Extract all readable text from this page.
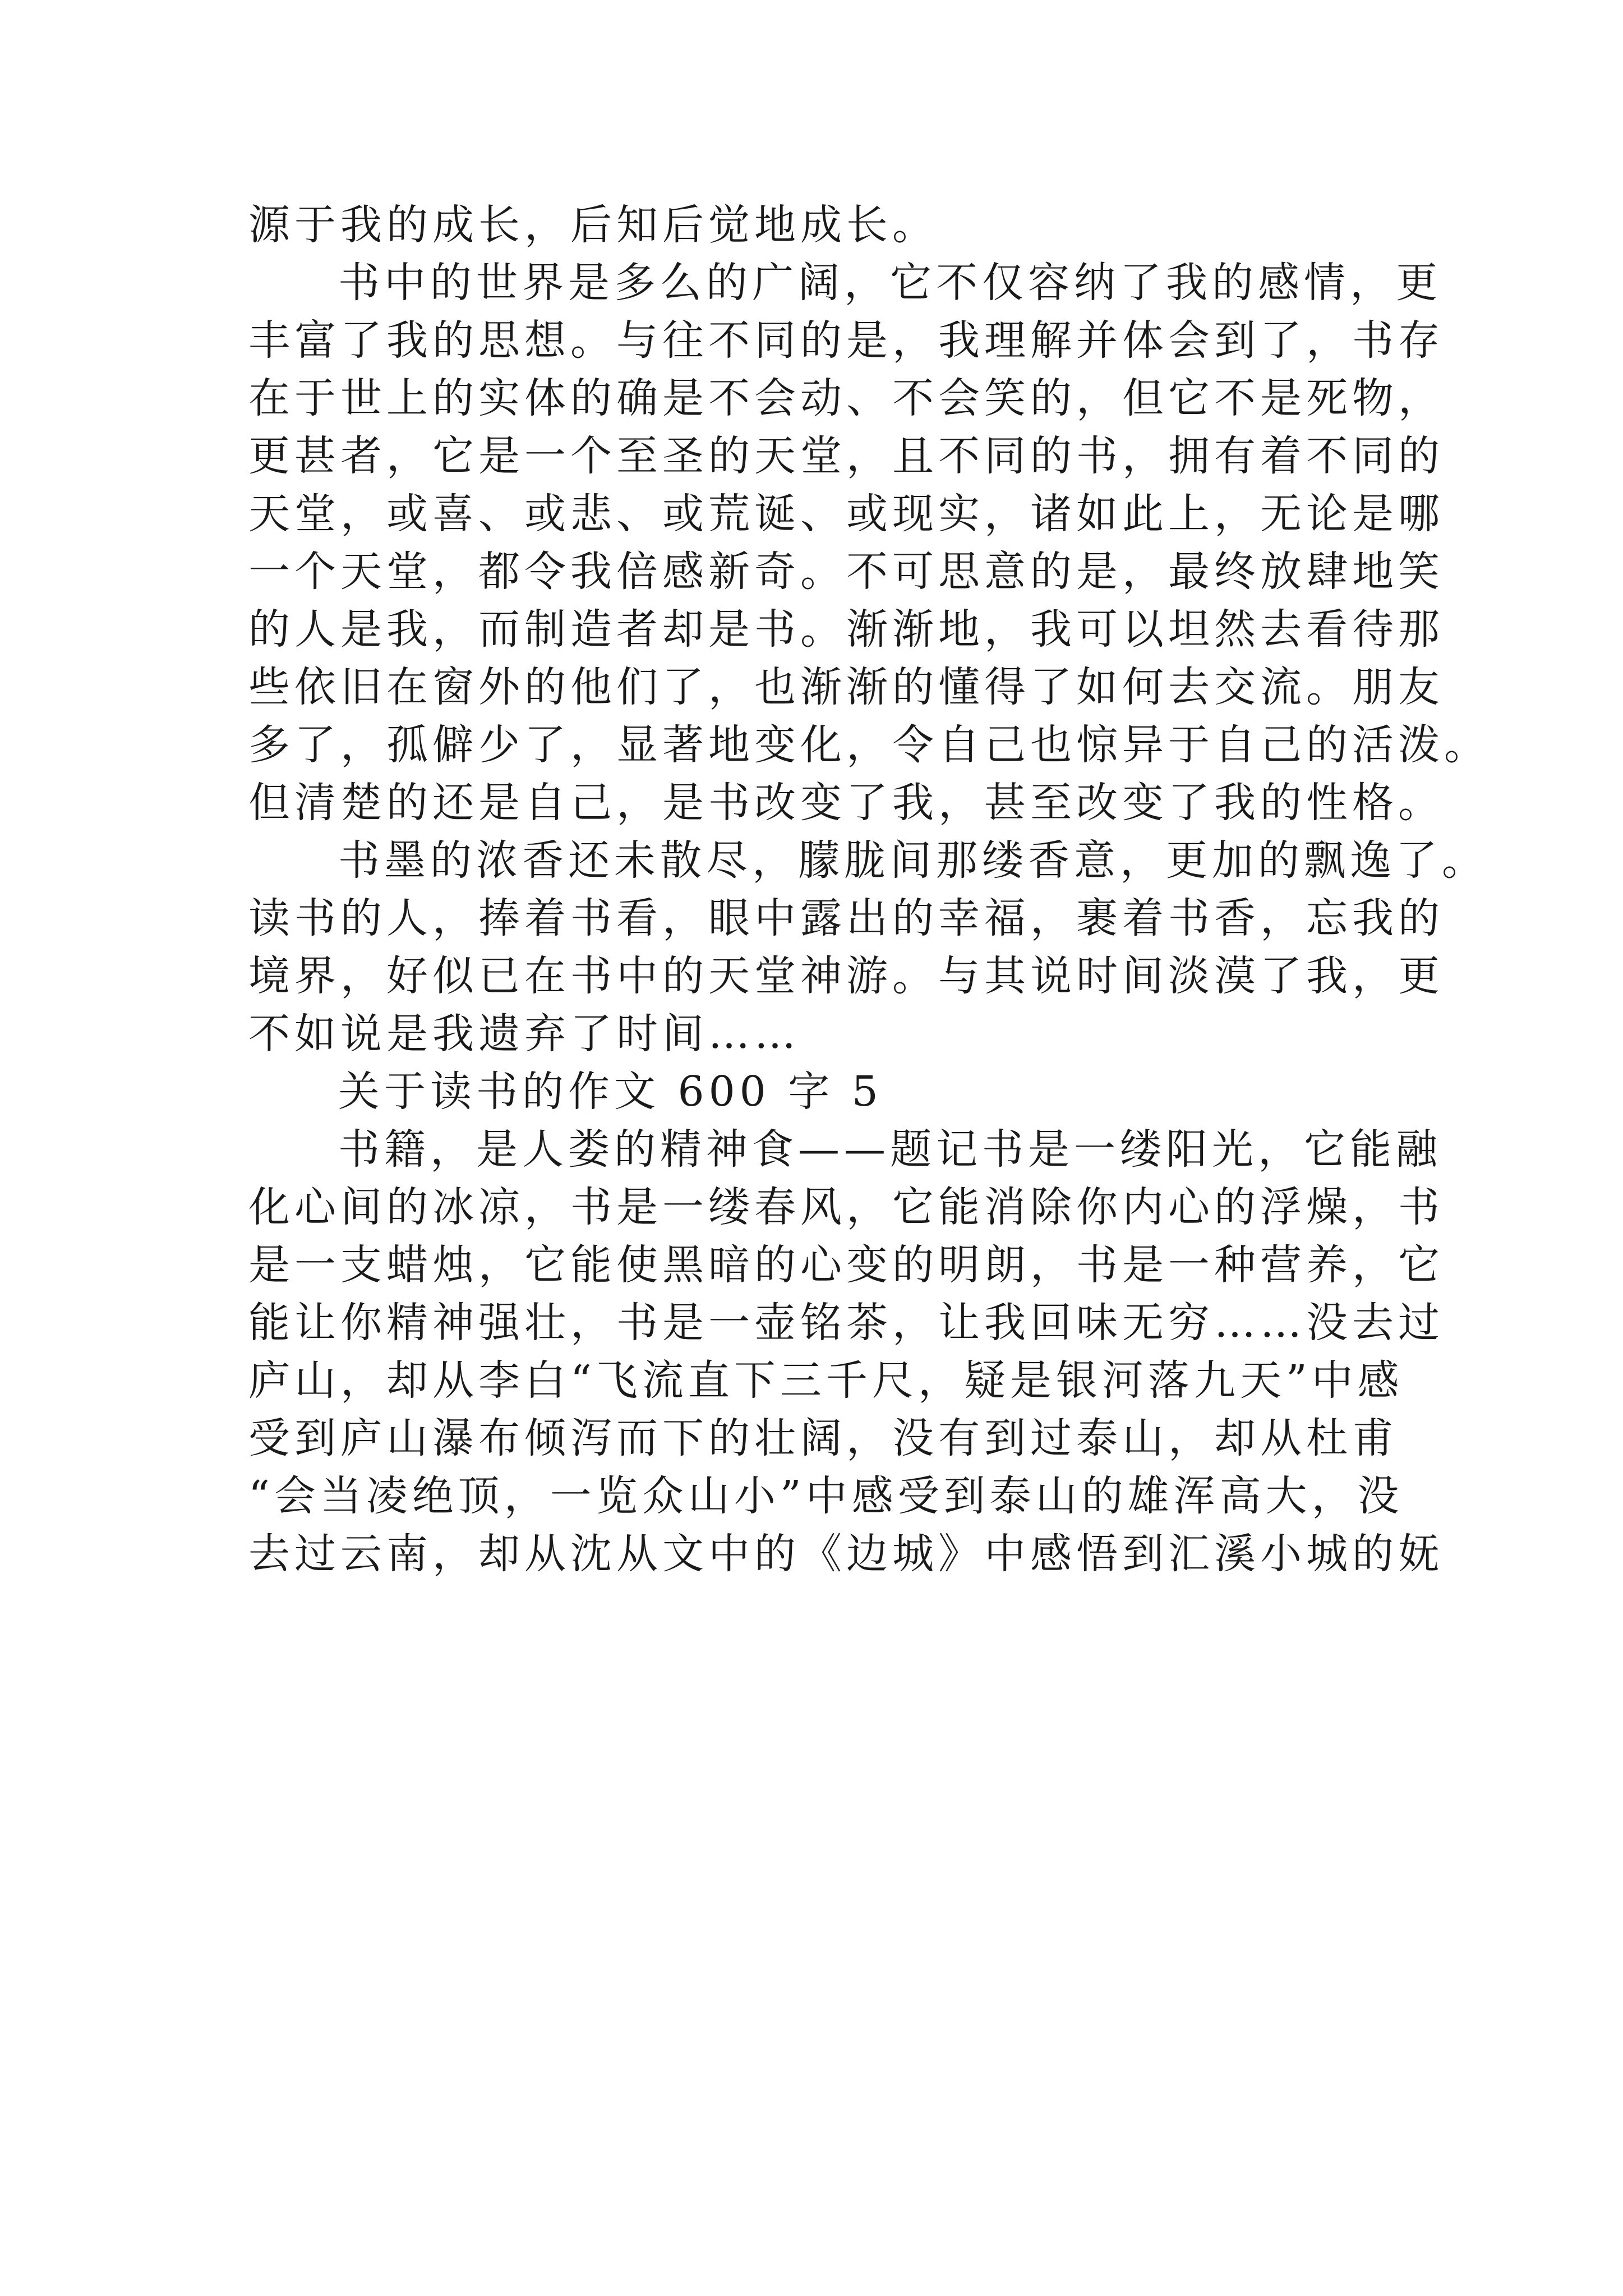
源于我的成长，后知后觉地成长。
书中的世界是多么的广阔，它不仅容纳了我的感情，更
丰富了我的思想。与往不同的是，我理解并体会到了，书存
在于世上的实体的确是不会动、不会笑的，但它不是死物，
更甚者，它是一个至圣的天堂，且不同的书，拥有着不同的
天堂，或喜、或悲、或荒诞、或现实，诸如此上，无论是哪
一个天堂，都令我倍感新奇。不可思意的是，最终放肆地笑
的人是我，而制造者却是书。渐渐地，我可以坦然去看待那
些依旧在窗外的他们了，也渐渐的懂得了如何去交流。朋友
多了，孤僻少了，显著地变化，令自己也惊异于自己的活泼。
但清楚的还是自己，是书改变了我，甚至改变了我的性格。
书墨的浓香还未散尽，朦胧间那缕香意，更加的飘逸了。
读书的人，捧着书看，眼中露出的幸福，裹着书香，忘我的
境界，好似已在书中的天堂神游。与其说时间淡漠了我，更
不如说是我遗弃了时间……
关于读书的作文 600 字 5
书籍，是人娄的精神食——题记书是一缕阳光，它能融
化心间的冰凉，书是一缕春风，它能消除你内心的浮燥，书
是一支蜡烛，它能使黑暗的心变的明朗，书是一种营养，它
能让你精神强壮，书是一壶铭茶，让我回味无穷……没去过
庐山，却从李白“飞流直下三千尺，疑是银河落九天”中感
受到庐山瀑布倾泻而下的壮阔，没有到过泰山，却从杜甫
“会当凌绝顶，一览众山小”中感受到泰山的雄浑高大，没
去过云南，却从沈从文中的《边城》中感悟到汇溪小城的妩
